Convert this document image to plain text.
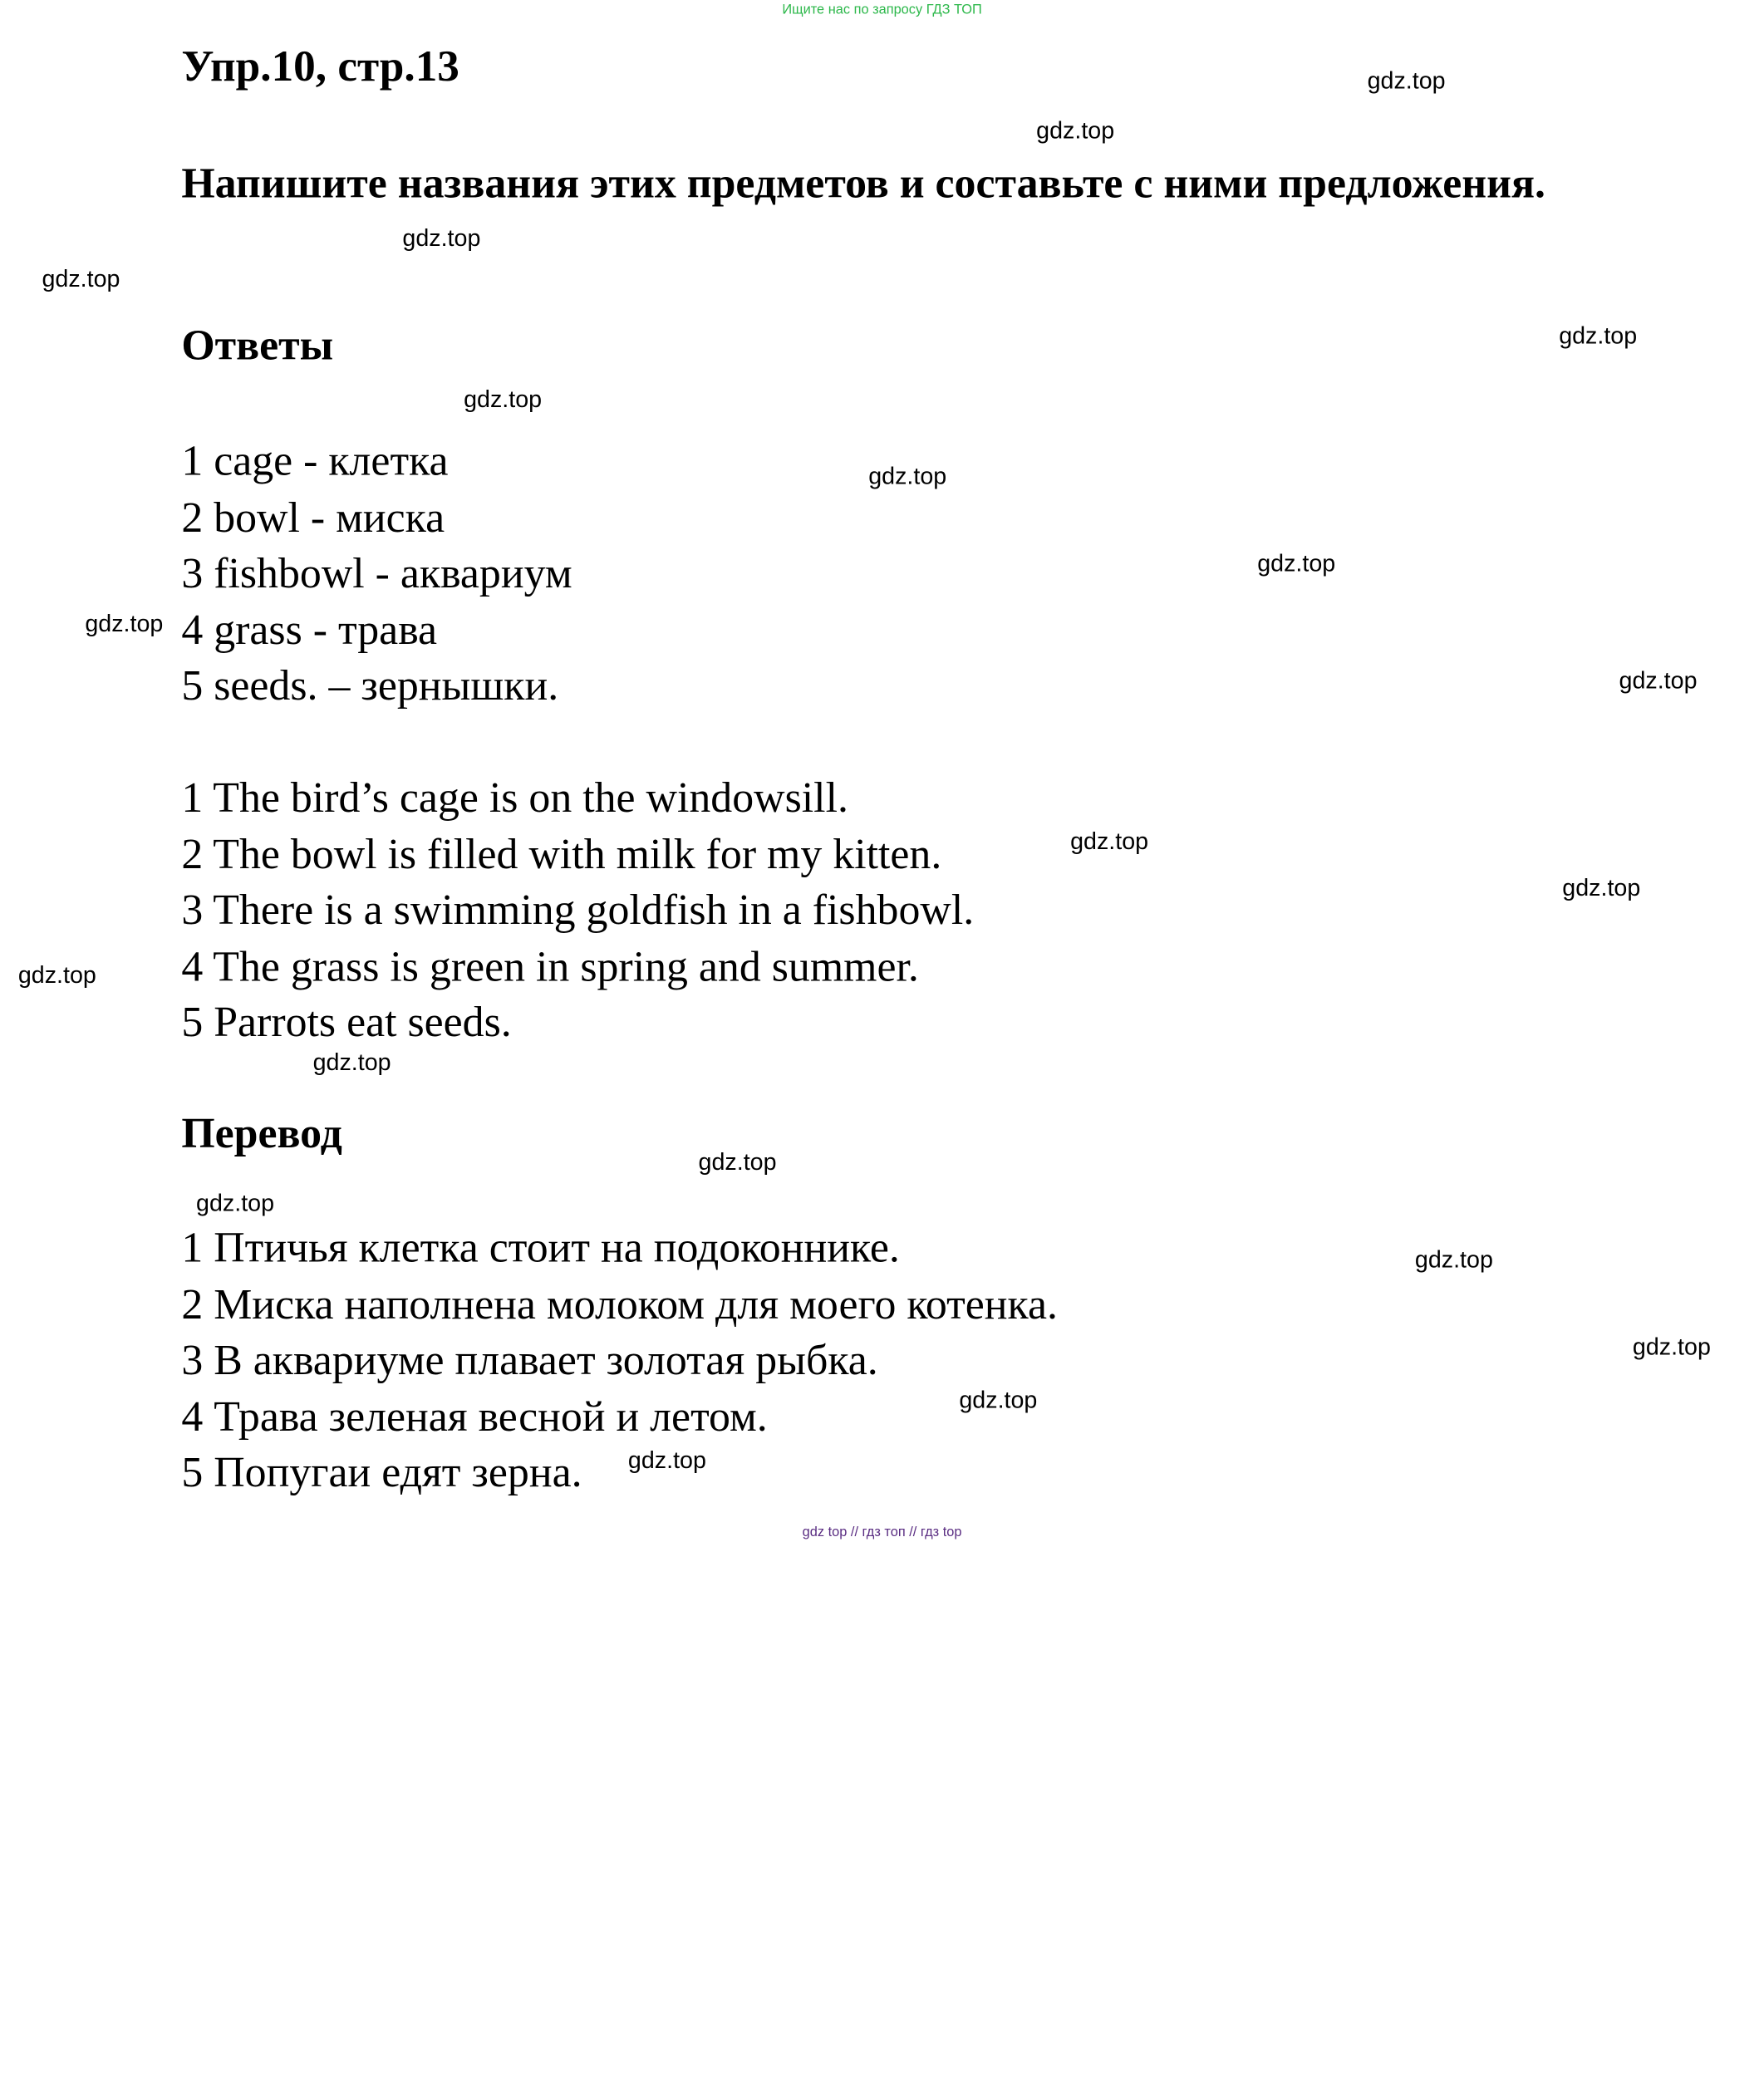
Ищите нас по запросу ГДЗ ТОП
Упр.10, стр.13

Напишите названия этих предметов и составьте с ними предложения.

Ответы
1 cage - клетка
2 bowl - миска
3 fishbowl - аквариум
4 grass - трава
5 seeds. – зернышки.
1 The bird’s cage is on the windowsill.
2 The bowl is filled with milk for my kitten.
3 There is a swimming goldfish in a fishbowl.
4 The grass is green in spring and summer.
5 Parrots eat seeds.
Перевод
1 Птичья клетка стоит на подоконнике.
2 Миска наполнена молоком для моего котенка.
3 В аквариуме плавает золотая рыбка.
4 Трава зеленая весной и летом.
5 Попугаи едят зерна.
gdz.top
gdz.top
gdz.top
gdz.top
gdz.top
gdz.top
gdz.top
gdz.top
gdz.top
gdz.top
gdz.top
gdz.top
gdz.top
gdz.top
gdz.top
gdz.top
gdz.top
gdz.top
gdz.top
gdz.top
gdz top // гдз топ // гдз top
